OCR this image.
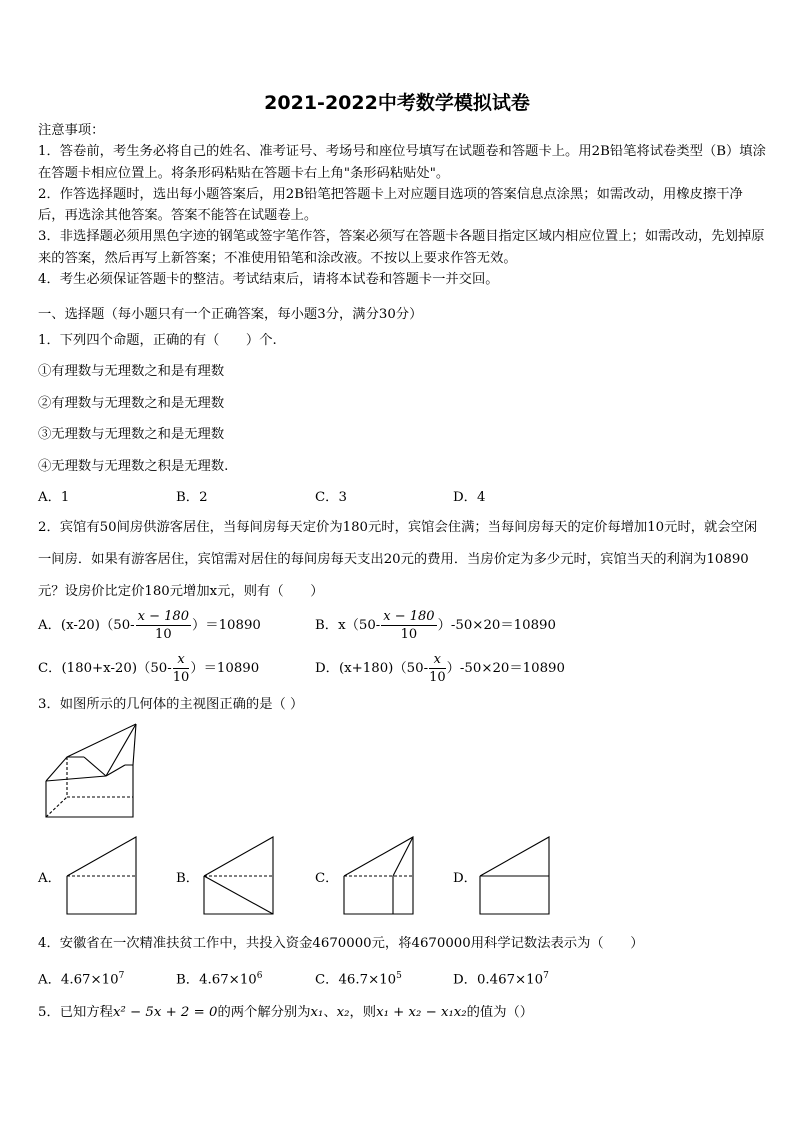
2021-2022中考数学模拟试卷

注意事项：

1．答卷前，考生务必将自己的姓名、准考证号、考场号和座位号填写在试题卷和答题卡上。用2B铅笔将试卷类型（B）填涂在答题卡相应位置上。将条形码粘贴在答题卡右上角"条形码粘贴处"。

2．作答选择题时，选出每小题答案后，用2B铅笔把答题卡上对应题目选项的答案信息点涂黑；如需改动，用橡皮擦干净后，再选涂其他答案。答案不能答在试题卷上。

3．非选择题必须用黑色字迹的钢笔或签字笔作答，答案必须写在答题卡各题目指定区域内相应位置上；如需改动，先划掉原来的答案，然后再写上新答案；不准使用铅笔和涂改液。不按以上要求作答无效。

4．考生必须保证答题卡的整洁。考试结束后，请将本试卷和答题卡一并交回。

一、选择题（每小题只有一个正确答案，每小题3分，满分30分）
1．下列四个命题，正确的有（　　）个.
①有理数与无理数之和是有理数
②有理数与无理数之和是无理数
③无理数与无理数之和是无理数
④无理数与无理数之积是无理数.
A．1	B．2	C．3	D．4
2．宾馆有50间房供游客居住，当每间房每天定价为180元时，宾馆会住满；当每间房每天的定价每增加10元时，就会空闲一间房．如果有游客居住，宾馆需对居住的每间房每天支出20元的费用．当房价定为多少元时，宾馆当天的利润为10890元？设房价比定价180元增加x元，则有（　　）
A．$(x-20)(50- \frac{x - 180}{10} )=10890$	B．$x(50- \frac{x - 180}{10} )-50\times 20=10890$
C．$(180+x-20)(50- \frac{x}{10} )=10890$	D．$(x+180)(50- \frac{x}{10} )-50\times 20=10890$
3．如图所示的几何体的主视图正确的是（ ）
A．	B．	C．	D．
4．安徽省在一次精准扶贫工作中，共投入资金4670000元，将4670000用科学记数法表示为（　　）
A．$4.67\times 10^7$	B．$4.67\times 10^6$	C．$46.7\times 10^5$	D．$0.467\times 10^7$
5．已知方程x² − 5x + 2 = 0的两个解分别为x₁、x₂，则x₁ + x₂ − x₁x₂的值为（）
